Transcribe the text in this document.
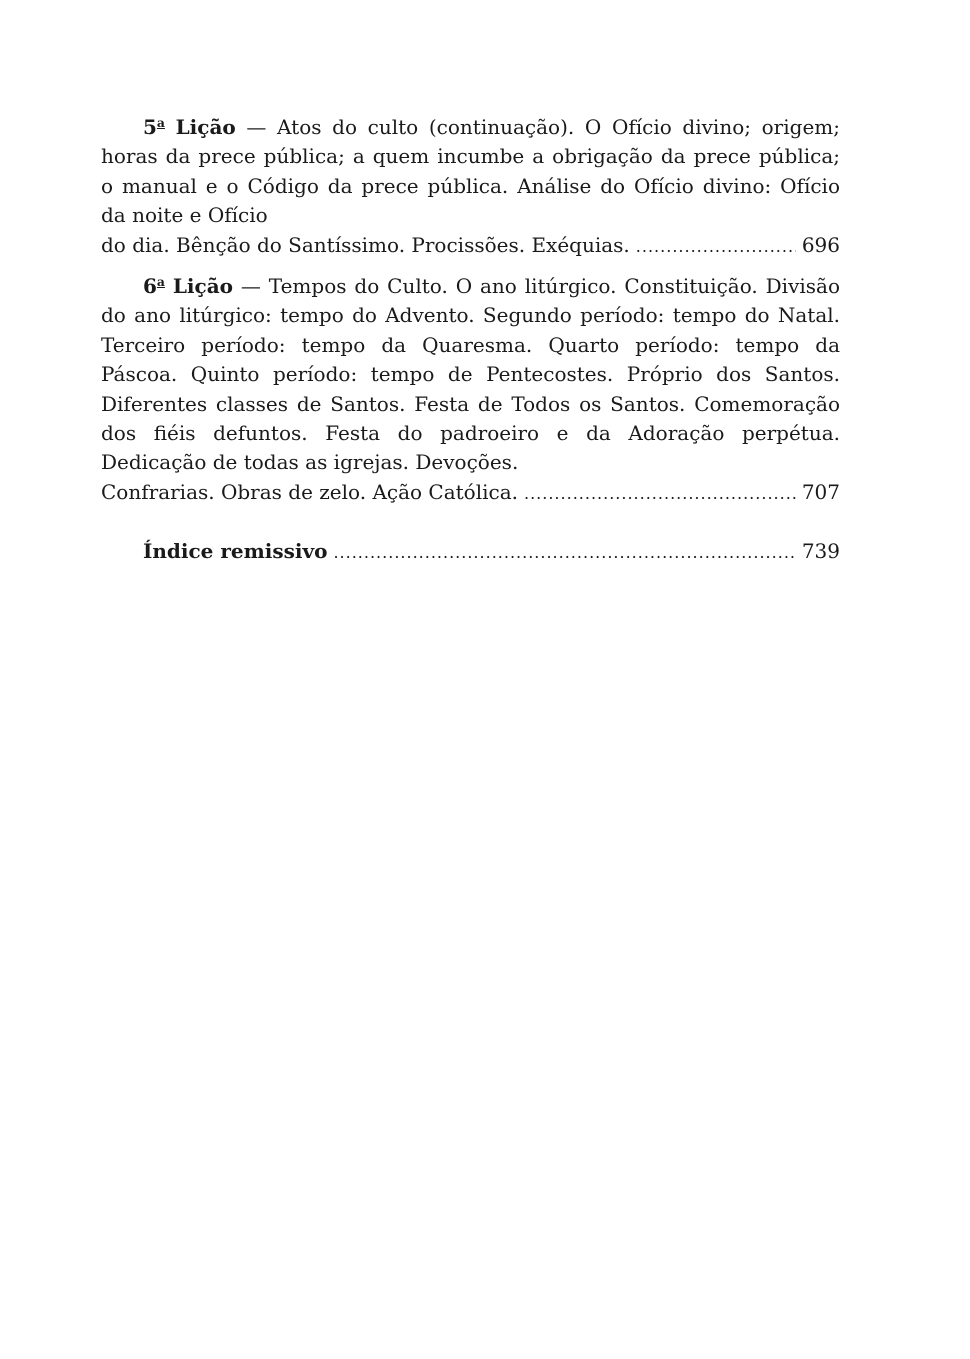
5$^a$ Lição — Atos do culto (continuação). O Ofício divino; origem; horas da prece pública; a quem incumbe a obrigação da prece pública; o manual e o Código da prece pública. Análise do Ofício divino: Ofício da noite e Ofício

do dia. Bênção do Santíssimo. Procissões. Exéquias. .....	696

6$^a$ Lição — Tempos do Culto. O ano litúrgico. Constituição. Divisão do ano litúrgico: tempo do Advento. Segundo período: tempo do Natal. Terceiro período: tempo da Quaresma. Quarto período: tempo da Páscoa. Quinto período: tempo de Pentecostes. Próprio dos Santos. Diferentes classes de Santos. Festa de Todos os Santos. Comemoração dos fiéis defuntos. Festa do padroeiro e da Adoração perpétua. Dedicação de todas as igrejas. Devoções.

Confrarias. Obras de zelo. Ação Católica. .....	707
Índice remissivo .....	739
